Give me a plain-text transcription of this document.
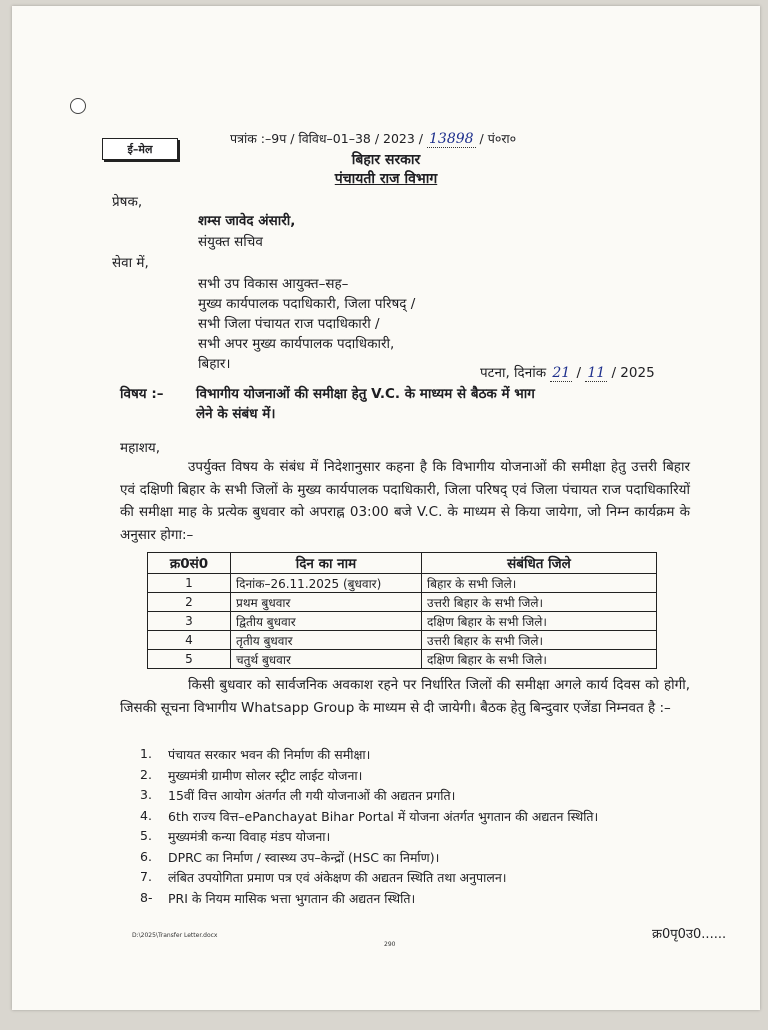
ई–मेल
पत्रांक :–9प / विविध–01–38 / 2023 / 13898 / पं०रा०
बिहार सरकार
पंचायती राज विभाग
प्रेषक,
शम्स जावेद अंसारी,
संयुक्त सचिव
सेवा में,
सभी उप विकास आयुक्त–सह–
मुख्य कार्यपालक पदाधिकारी, जिला परिषद् /
सभी जिला पंचायत राज पदाधिकारी /
सभी अपर मुख्य कार्यपालक पदाधिकारी,
बिहार।
पटना, दिनांक 21 / 11 / 2025
विषय :– विभागीय योजनाओं की समीक्षा हेतु V.C. के माध्यम से बैठक में भाग
लेने के संबंध में।
महाशय,
उपर्युक्त विषय के संबंध में निदेशानुसार कहना है कि विभागीय योजनाओं की समीक्षा हेतु उत्तरी बिहार एवं दक्षिणी बिहार के सभी जिलों के मुख्य कार्यपालक पदाधिकारी, जिला परिषद् एवं जिला पंचायत राज पदाधिकारियों की समीक्षा माह के प्रत्येक बुधवार को अपराह्न 03:00 बजे V.C. के माध्यम से किया जायेगा, जो निम्न कार्यक्रम के अनुसार होगा:–
क्र0सं0	दिन का नाम	संबंधित जिले
1	दिनांक–26.11.2025 (बुधवार)	बिहार के सभी जिले।
2	प्रथम बुधवार	उत्तरी बिहार के सभी जिले।
3	द्वितीय बुधवार	दक्षिण बिहार के सभी जिले।
4	तृतीय बुधवार	उत्तरी बिहार के सभी जिले।
5	चतुर्थ बुधवार	दक्षिण बिहार के सभी जिले।
किसी बुधवार को सार्वजनिक अवकाश रहने पर निर्धारित जिलों की समीक्षा अगले कार्य दिवस को होगी, जिसकी सूचना विभागीय Whatsapp Group के माध्यम से दी जायेगी। बैठक हेतु बिन्दुवार एजेंडा निम्नवत है :–
1.	पंचायत सरकार भवन की निर्माण की समीक्षा।
2.	मुख्यमंत्री ग्रामीण सोलर स्ट्रीट लाईट योजना।
3.	15वीं वित्त आयोग अंतर्गत ली गयी योजनाओं की अद्यतन प्रगति।
4.	6th राज्य वित्त–ePanchayat Bihar Portal में योजना अंतर्गत भुगतान की अद्यतन स्थिति।
5.	मुख्यमंत्री कन्या विवाह मंडप योजना।
6.	DPRC का निर्माण / स्वास्थ्य उप–केन्द्रों (HSC का निर्माण)।
7.	लंबित उपयोगिता प्रमाण पत्र एवं अंकेक्षण की अद्यतन स्थिति तथा अनुपालन।
8-	PRI के नियम मासिक भत्ता भुगतान की अद्यतन स्थिति।
D:\2025\Transfer Letter.docx
290
क्र0पृ0उ0......
